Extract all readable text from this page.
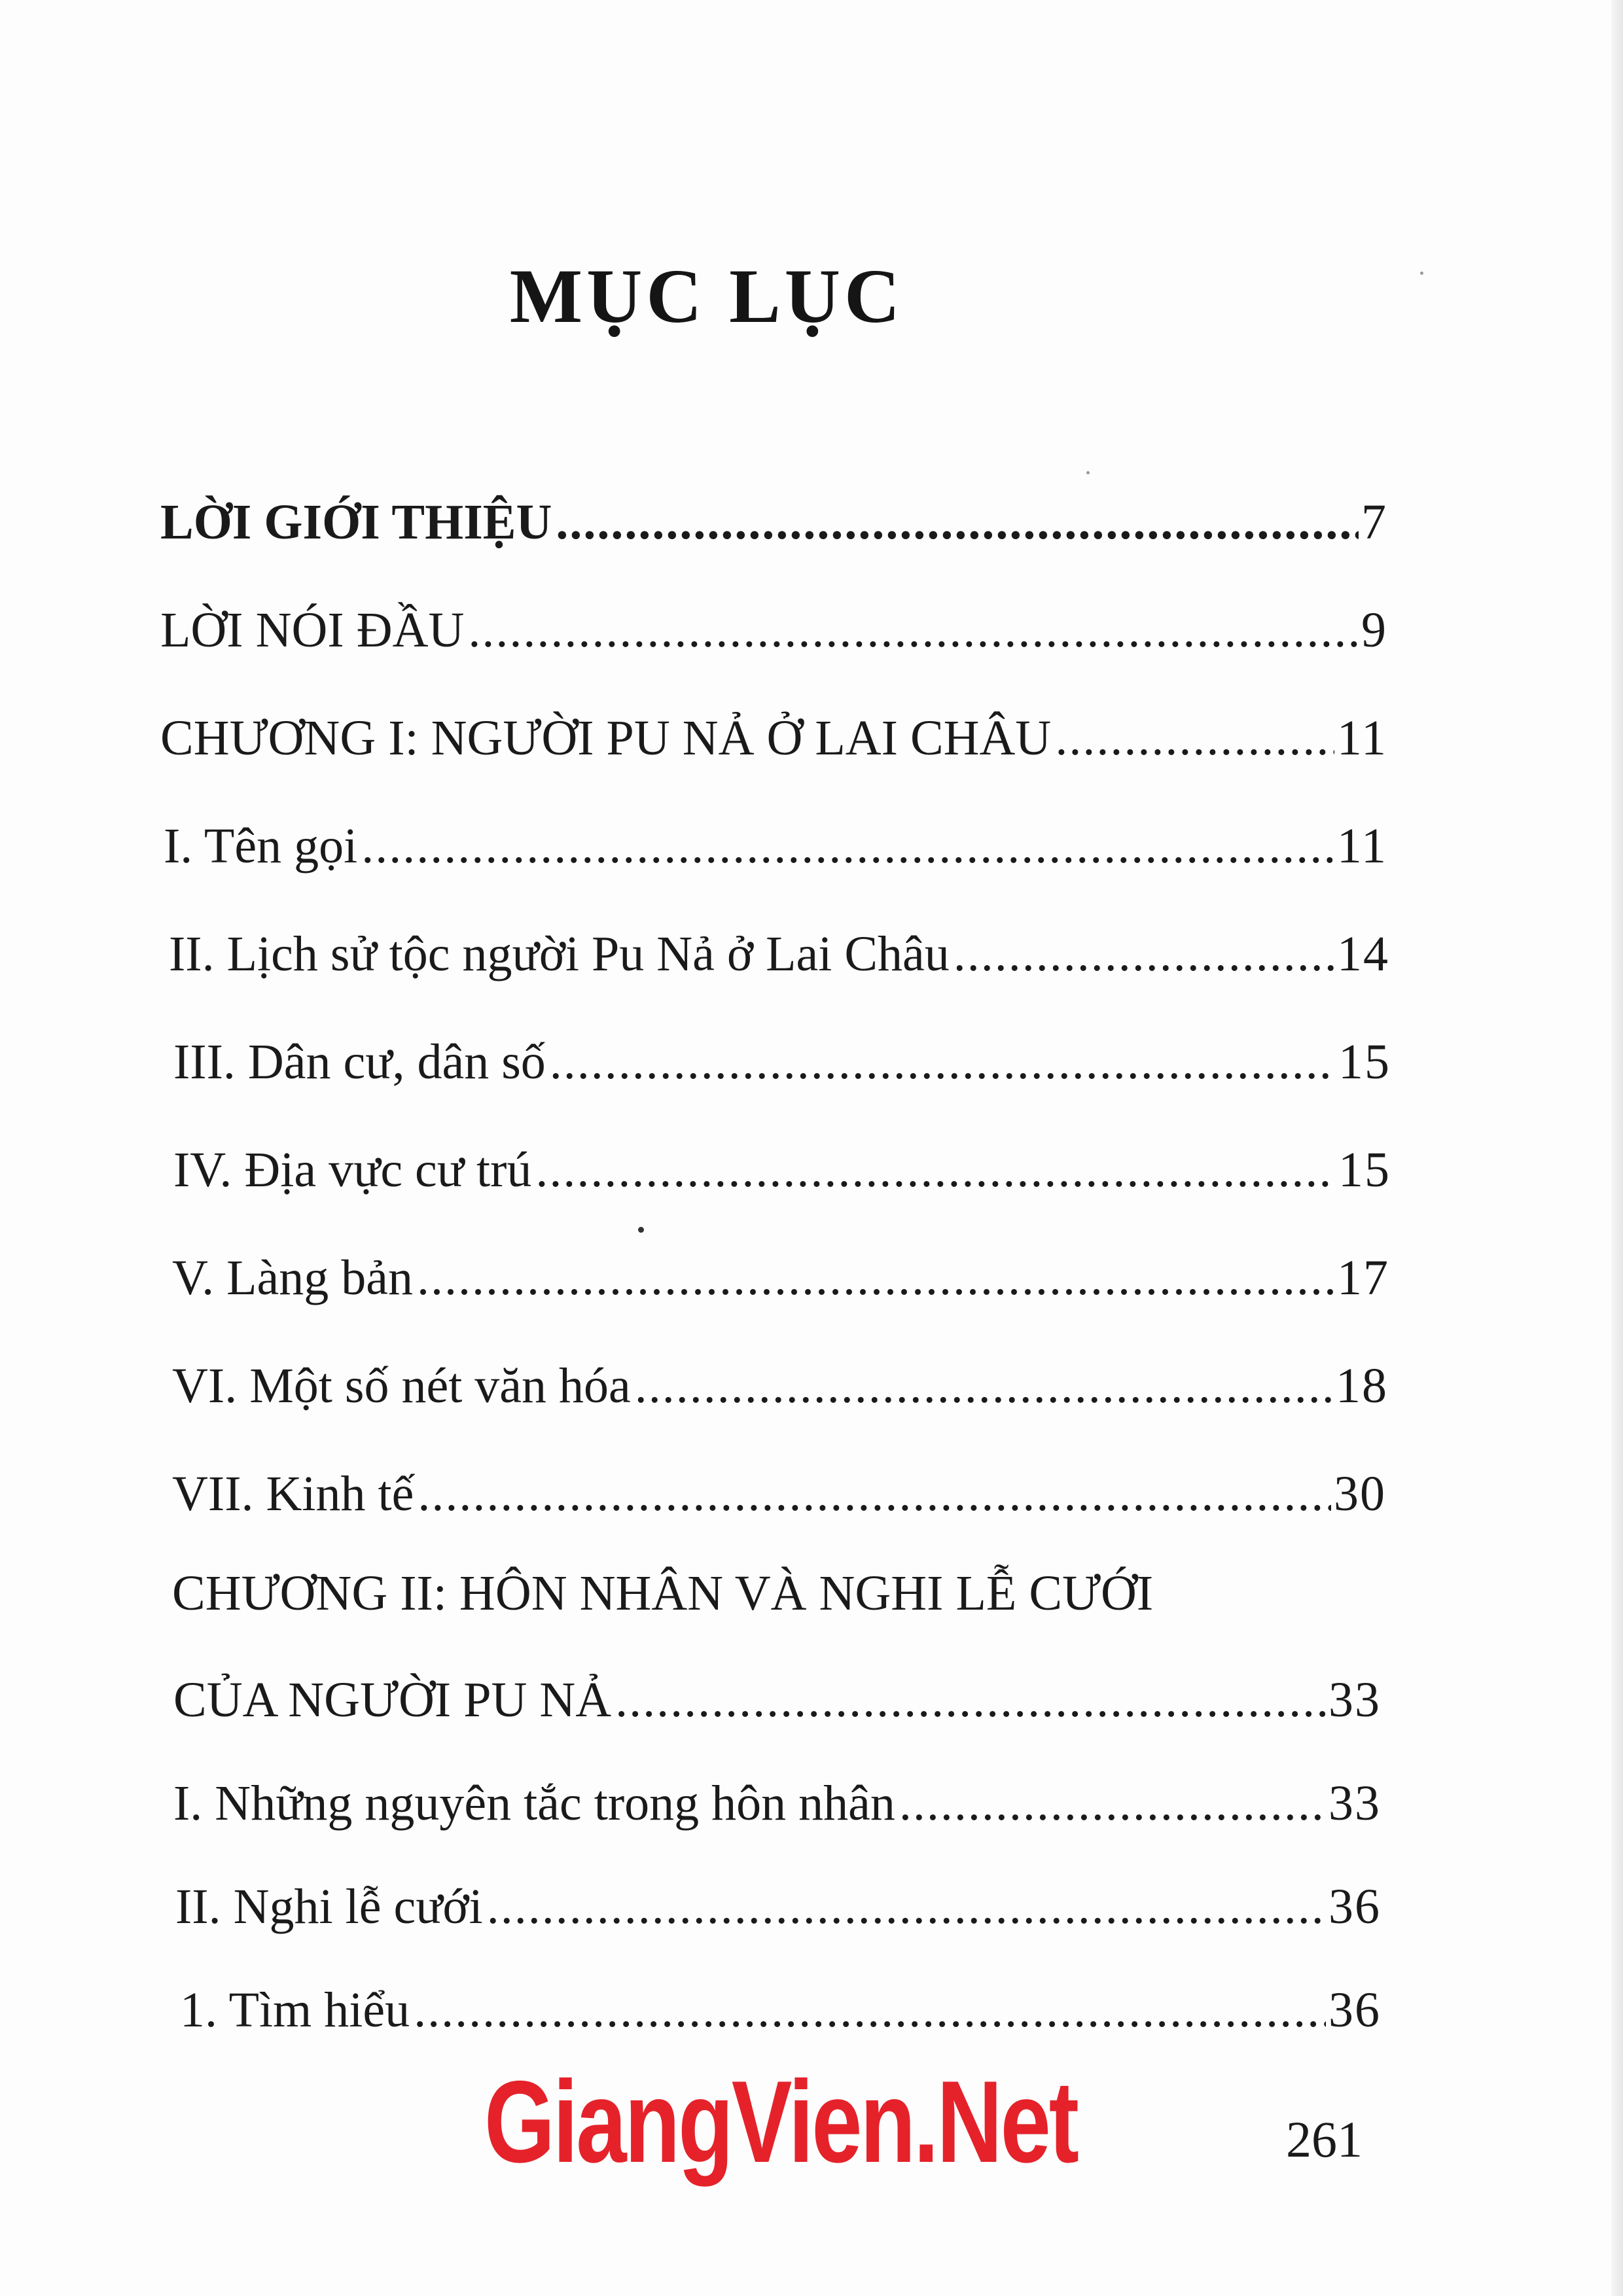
MỤC LỤC
LỜI GIỚI THIỆU .....	7
LỜI NÓI ĐẦU .....	9
CHƯƠNG I: NGƯỜI PU NẢ Ở LAI CHÂU .....	11
I. Tên gọi .....	11
II. Lịch sử tộc người Pu Nả ở Lai Châu .....	14
III. Dân cư, dân số .....	15
IV. Địa vực cư trú .....	15
V. Làng bản .....	17
VI. Một số nét văn hóa .....	18
VII. Kinh tế .....	30
CHƯƠNG II: HÔN NHÂN VÀ NGHI LỄ CƯỚI
CỦA NGƯỜI PU NẢ .....	33
I. Những nguyên tắc trong hôn nhân .....	33
II. Nghi lễ cưới .....	36
1. Tìm hiểu .....	36
GiangVien.Net	261
